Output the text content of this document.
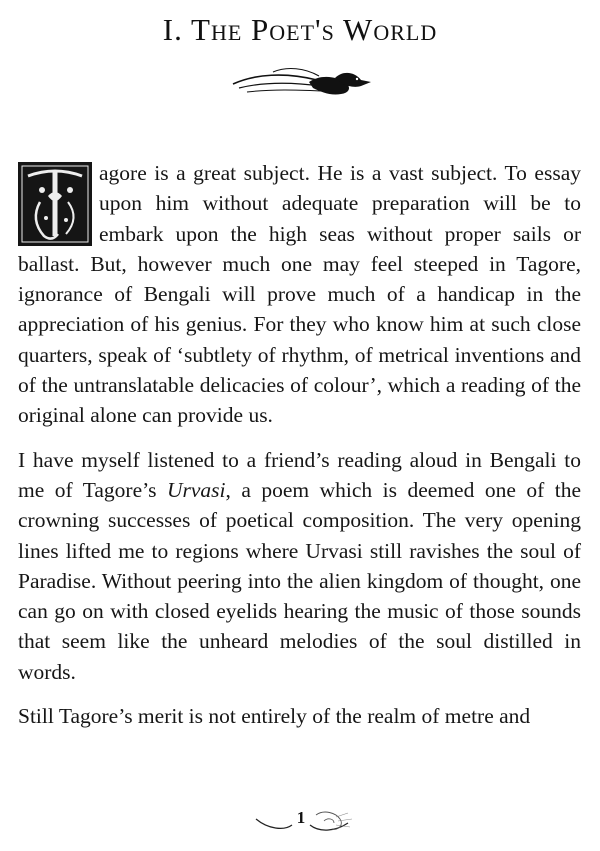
I. The Poet's World

agore is a great subject. He is a vast subject. To essay upon him without adequate preparation will be to embark upon the high seas without proper sails or ballast. But, however much one may feel steeped in Tagore, ignorance of Bengali will prove much of a handicap in the appreciation of his genius. For they who know him at such close quarters, speak of ‘subtlety of rhythm, of metrical inventions and of the untranslatable delicacies of colour’, which a reading of the original alone can provide us.

I have myself listened to a friend’s reading aloud in Bengali to me of Tagore’s Urvasi, a poem which is deemed one of the crowning successes of poetical composition. The very opening lines lifted me to regions where Urvasi still ravishes the soul of Paradise. Without peering into the alien kingdom of thought, one can go on with closed eyelids hearing the music of those sounds that seem like the unheard melodies of the soul distilled in words.

Still Tagore’s merit is not entirely of the realm of metre and

1
